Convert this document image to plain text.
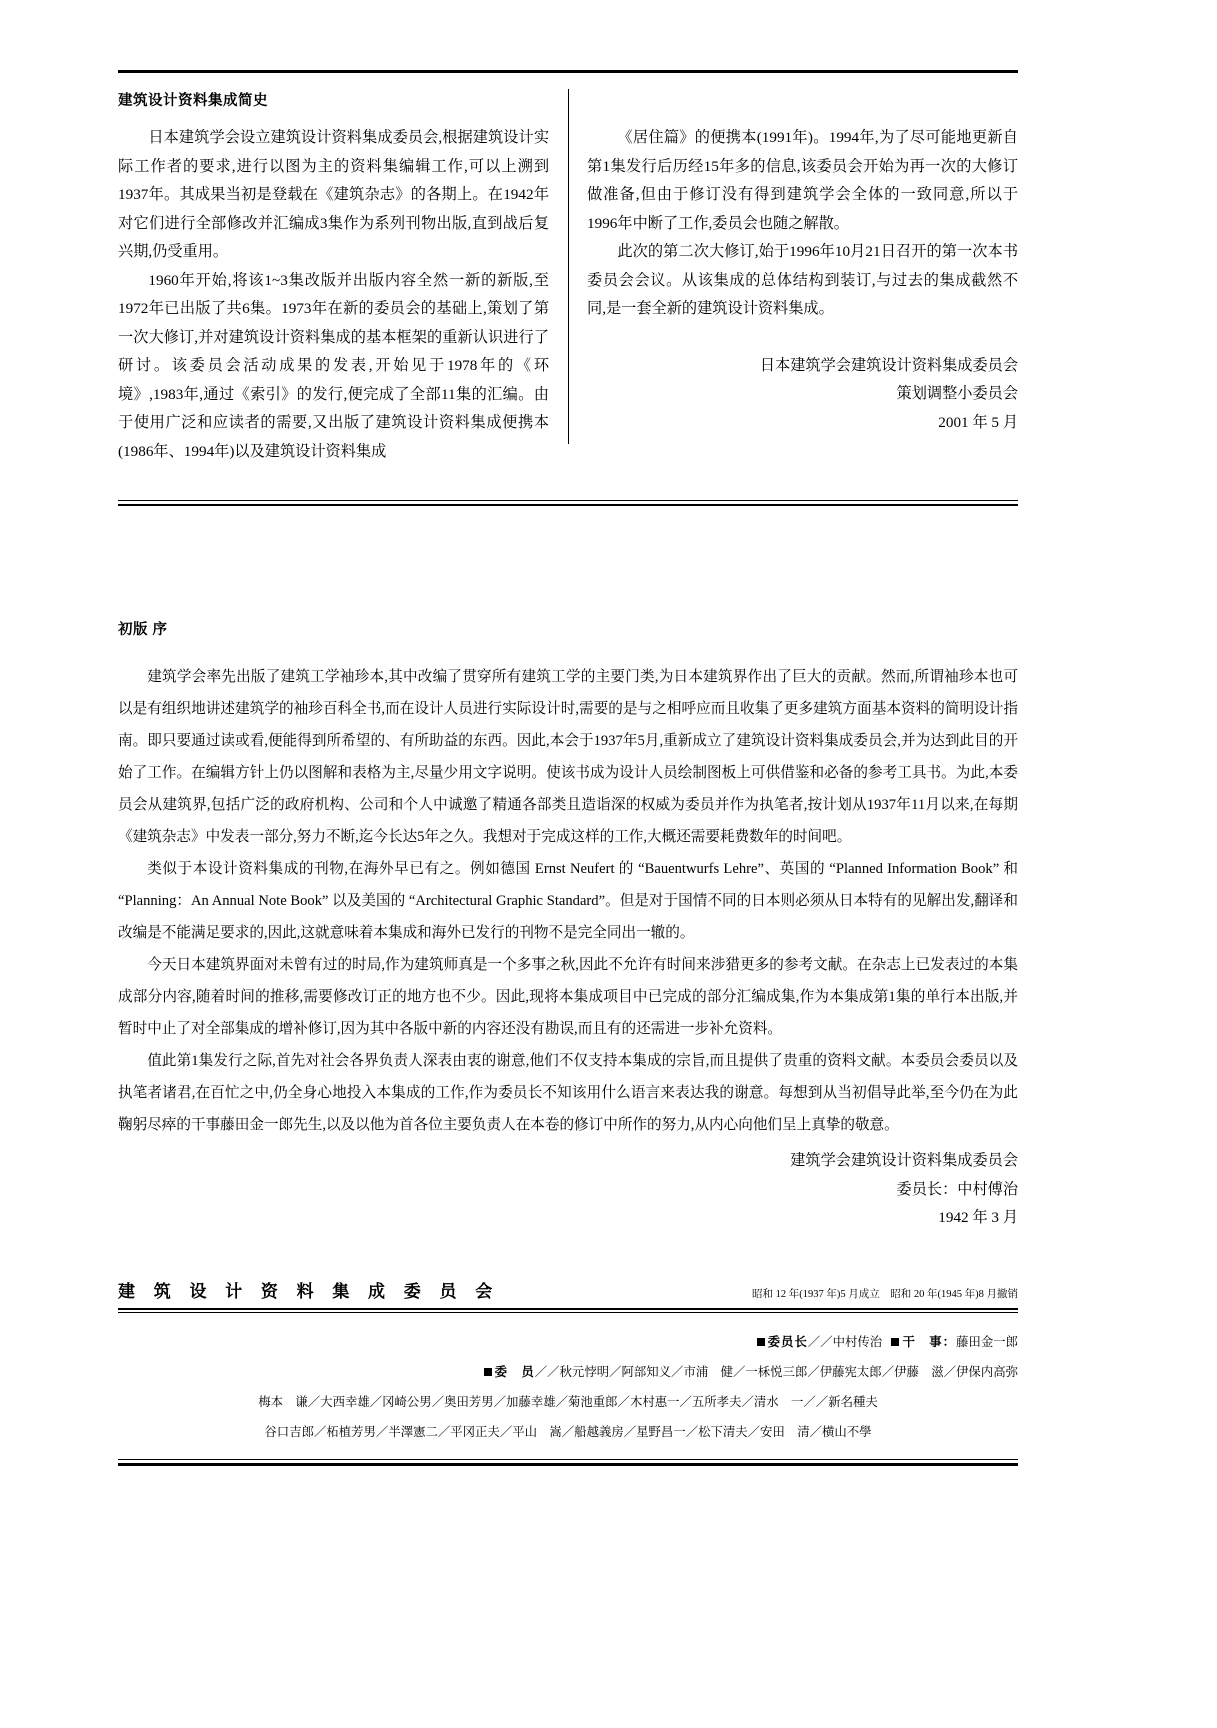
建筑设计资料集成简史

日本建筑学会设立建筑设计资料集成委员会,根据建筑设计实际工作者的要求,进行以图为主的资料集编辑工作,可以上溯到1937年。其成果当初是登载在《建筑杂志》的各期上。在1942年对它们进行全部修改并汇编成3集作为系列刊物出版,直到战后复兴期,仍受重用。

1960年开始,将该1~3集改版并出版内容全然一新的新版,至1972年已出版了共6集。1973年在新的委员会的基础上,策划了第一次大修订,并对建筑设计资料集成的基本框架的重新认识进行了研讨。该委员会活动成果的发表,开始见于1978年的《环境》,1983年,通过《索引》的发行,便完成了全部11集的汇编。由于使用广泛和应读者的需要,又出版了建筑设计资料集成便携本(1986年、1994年)以及建筑设计资料集成

《居住篇》的便携本(1991年)。1994年,为了尽可能地更新自第1集发行后历经15年多的信息,该委员会开始为再一次的大修订做准备,但由于修订没有得到建筑学会全体的一致同意,所以于1996年中断了工作,委员会也随之解散。

此次的第二次大修订,始于1996年10月21日召开的第一次本书委员会会议。从该集成的总体结构到装订,与过去的集成截然不同,是一套全新的建筑设计资料集成。

日本建筑学会建筑设计资料集成委员会
策划调整小委员会
2001 年 5 月
初版 序

建筑学会率先出版了建筑工学袖珍本,其中改编了贯穿所有建筑工学的主要门类,为日本建筑界作出了巨大的贡献。然而,所谓袖珍本也可以是有组织地讲述建筑学的袖珍百科全书,而在设计人员进行实际设计时,需要的是与之相呼应而且收集了更多建筑方面基本资料的简明设计指南。即只要通过读或看,便能得到所希望的、有所助益的东西。因此,本会于1937年5月,重新成立了建筑设计资料集成委员会,并为达到此目的开始了工作。在编辑方针上仍以图解和表格为主,尽量少用文字说明。使该书成为设计人员绘制图板上可供借鉴和必备的参考工具书。为此,本委员会从建筑界,包括广泛的政府机构、公司和个人中诚邀了精通各部类且造诣深的权威为委员并作为执笔者,按计划从1937年11月以来,在每期《建筑杂志》中发表一部分,努力不断,迄今长达5年之久。我想对于完成这样的工作,大概还需要耗费数年的时间吧。

类似于本设计资料集成的刊物,在海外早已有之。例如德国 Ernst Neufert 的 “Bauentwurfs Lehre”、英国的 “Planned Information Book” 和 “Planning：An Annual Note Book” 以及美国的 “Architectural Graphic Standard”。但是对于国情不同的日本则必须从日本特有的见解出发,翻译和改编是不能满足要求的,因此,这就意味着本集成和海外已发行的刊物不是完全同出一辙的。

今天日本建筑界面对未曾有过的时局,作为建筑师真是一个多事之秋,因此不允许有时间来涉猎更多的参考文献。在杂志上已发表过的本集成部分内容,随着时间的推移,需要修改订正的地方也不少。因此,现将本集成项目中已完成的部分汇编成集,作为本集成第1集的单行本出版,并暂时中止了对全部集成的增补修订,因为其中各版中新的内容还没有勘误,而且有的还需进一步补允资料。

值此第1集发行之际,首先对社会各界负责人深表由衷的谢意,他们不仅支持本集成的宗旨,而且提供了贵重的资料文献。本委员会委员以及执笔者诸君,在百忙之中,仍全身心地投入本集成的工作,作为委员长不知该用什么语言来表达我的谢意。每想到从当初倡导此举,至今仍在为此鞠躬尽瘁的干事藤田金一郎先生,以及以他为首各位主要负责人在本卷的修订中所作的努力,从内心向他们呈上真挚的敬意。

建筑学会建筑设计资料集成委员会
委员长：中村傅治
1942 年 3 月
建 筑 设 计 资 料 集 成 委 员 会	昭和 12 年(1937 年)5 月成立　昭和 20 年(1945 年)8 月撤销
委员长／／中村传治 干　事：藤田金一郎
委　员／／秋元悖明／阿部知义／市浦　健／一柇悦三郎／伊藤宪太郎／伊藤　滋／伊保内高弥
梅本　谦／大西幸雄／冈崎公男／奥田芳男／加藤幸雄／菊池重郎／木村惠一／五所孝夫／清水　一／／新名種夫
谷口吉郎／柘植芳男／半澤憲二／平冈正夫／平山　嵩／船越義房／星野昌一／松下清夫／安田　清／横山不學
